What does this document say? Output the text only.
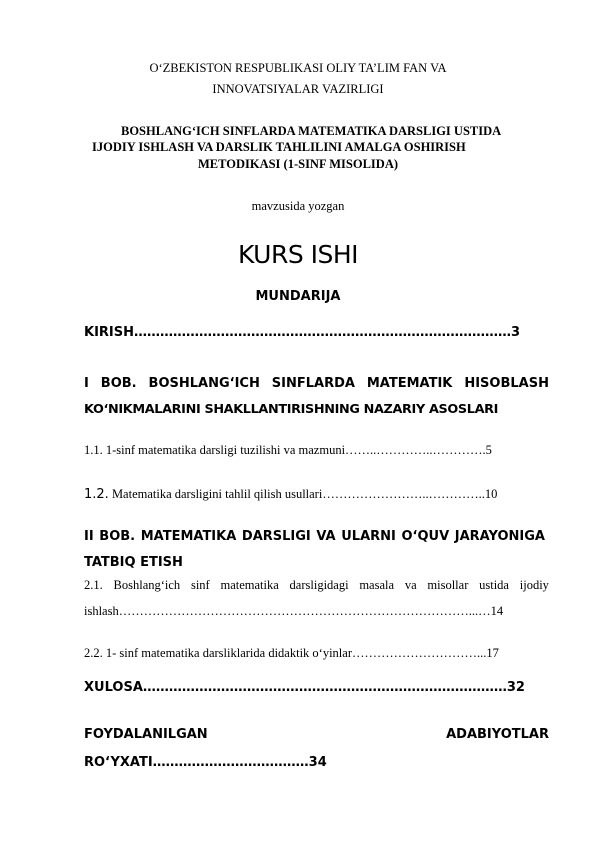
O‘ZBEKISTON RESPUBLIKASI OLIY TA’LIM FAN VA
INNOVATSIYALAR VAZIRLIGI
BOSHLANG‘ICH SINFLARDA MATEMATIKA DARSLIGI USTIDA
IJODIY ISHLASH VA DARSLIK TAHLILINI AMALGA OSHIRISH
METODIKASI (1-SINF MISOLIDA)
mavzusida yozgan
KURS ISHI
MUNDARIJA
KIRISH……………………………………………………………………………3
I BOB. BOSHLANG‘ICH SINFLARDA MATEMATIK HISOBLASH
KO‘NIKMALARINI SHAKLLANTIRISHNING NAZARIY ASOSLARI
1.1. 1-sinf matematika darsligi tuzilishi va mazmuni……..…………..………….5
1.2. Matematika darsligini tahlil qilish usullari……………………..…………..10
II BOB. MATEMATIKA DARSLIGI VA ULARNI O‘QUV JARAYONIGA
TATBIQ ETISH
2.1. Boshlang‘ich sinf matematika darsligidagi masala va misollar ustida ijodiy
ishlash…………………………………………………………………………...…14
2.2. 1- sinf matematika darsliklarida didaktik o‘yinlar…………………………...17
XULOSA…………………………………………………………………………32
FOYDALANILGAN	ADABIYOTLAR
RO‘YXATI………………………………34
